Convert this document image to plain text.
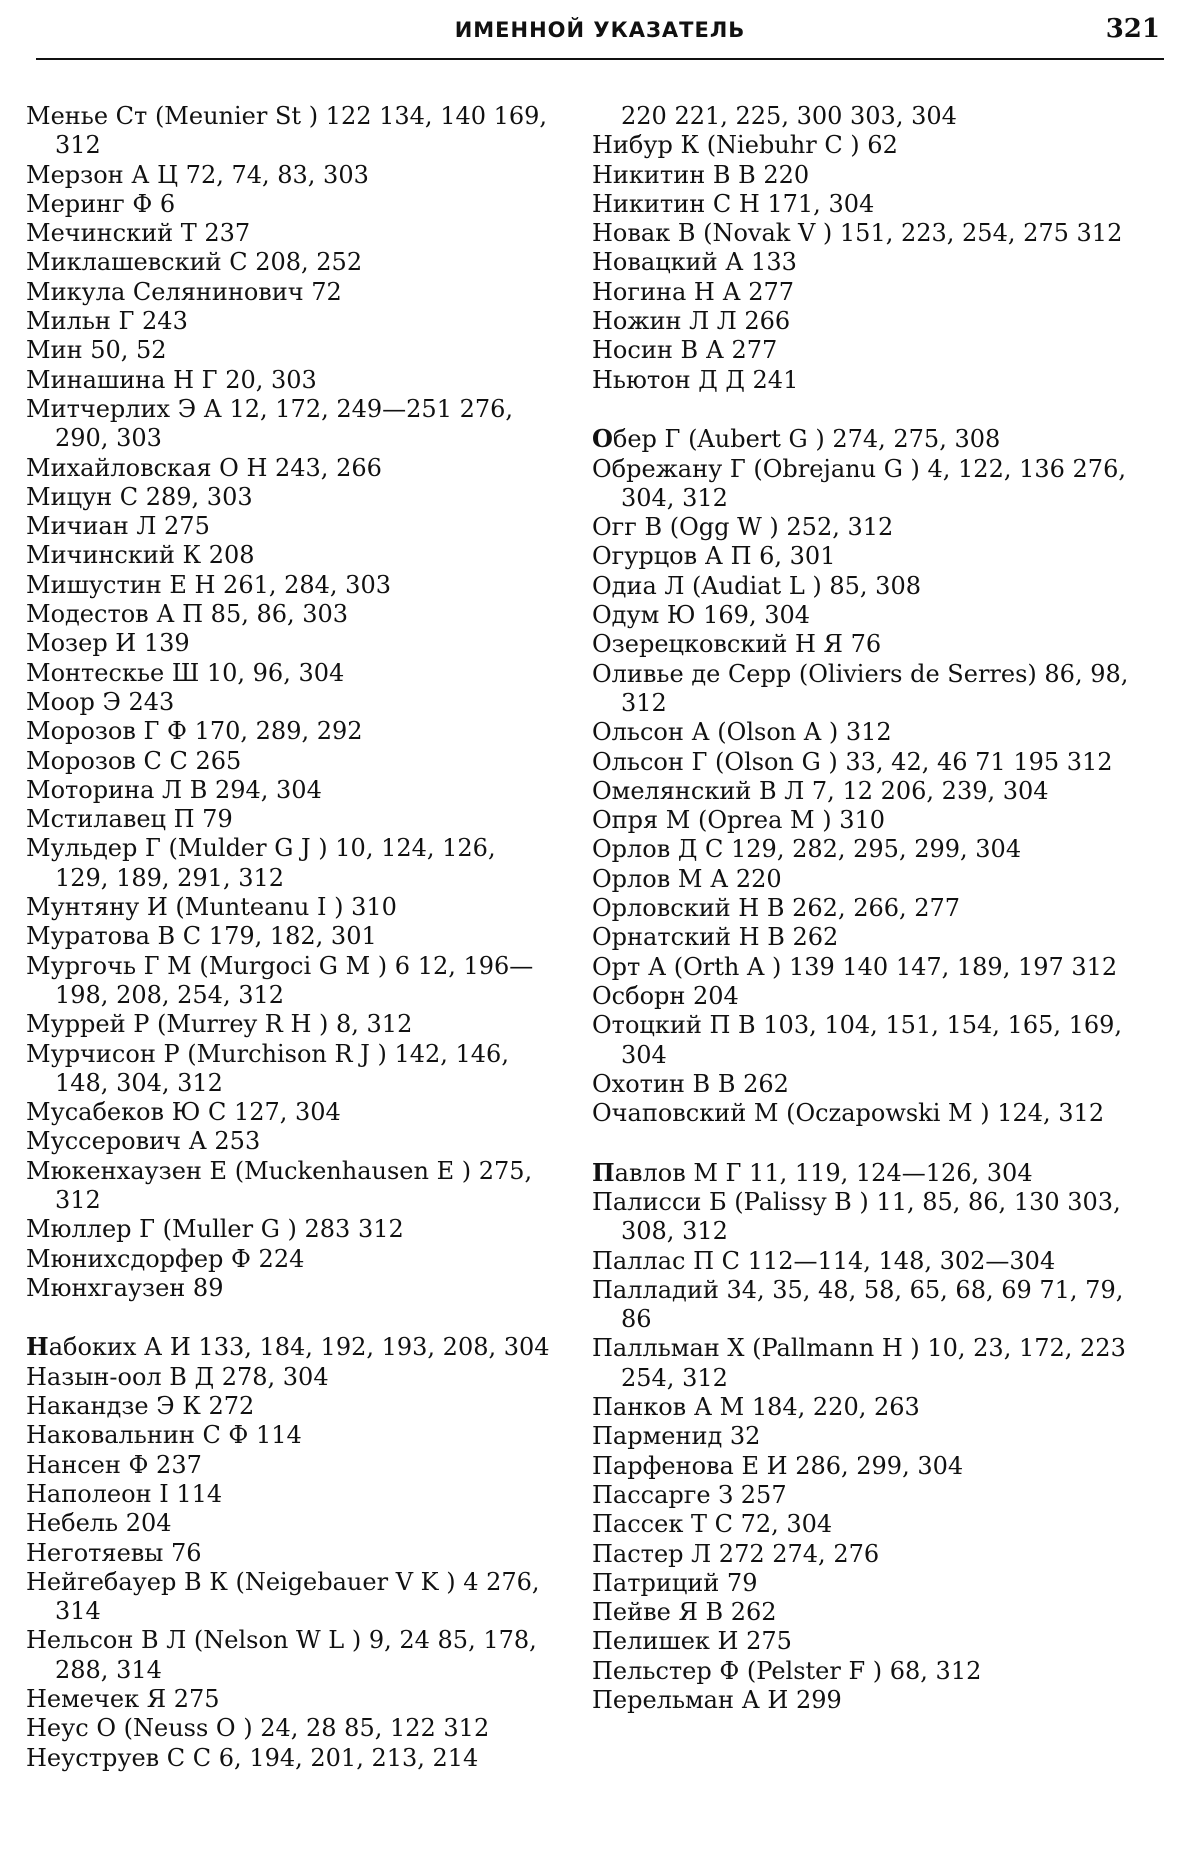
ИМЕННОЙ УКАЗАТЕЛЬ	321
Менье Ст (Meunier St ) 122 134, 140 169, 312
Мерзон А Ц 72, 74, 83, 303
Меринг Ф 6
Мечинский Т 237
Миклашевский С 208, 252
Микула Селянинович 72
Мильн Г 243
Мин 50, 52
Минашина Н Г 20, 303
Митчерлих Э А 12, 172, 249—251 276, 290, 303
Михайловская О Н 243, 266
Мицун С 289, 303
Мичиан Л 275
Мичинский К 208
Мишустин Е Н 261, 284, 303
Модестов А П 85, 86, 303
Мозер И 139
Монтескье Ш 10, 96, 304
Моор Э 243
Морозов Г Ф 170, 289, 292
Морозов С С 265
Моторина Л В 294, 304
Мстилавец П 79
Мульдер Г (Mulder G J ) 10, 124, 126, 129, 189, 291, 312
Мунтяну И (Munteanu I ) 310
Муратова В С 179, 182, 301
Мургочь Г М (Murgoci G M ) 6 12, 196—198, 208, 254, 312
Муррей Р (Murrey R H ) 8, 312
Мурчисон Р (Murchison R J ) 142, 146, 148, 304, 312
Мусабеков Ю С 127, 304
Муссерович А 253
Мюкенхаузен Е (Muckenhausen E ) 275, 312
Мюллер Г (Muller G ) 283 312
Мюнихсдорфер Ф 224
Мюнхгаузен 89
Набоких А И 133, 184, 192, 193, 208, 304
Назын-оол В Д 278, 304
Накандзе Э К 272
Наковальнин С Ф 114
Нансен Ф 237
Наполеон I 114
Небель 204
Неготяевы 76
Нейгебауер В К (Neigebauer V K ) 4 276, 314
Нельсон В Л (Nelson W L ) 9, 24 85, 178, 288, 314
Немечек Я 275
Неус О (Neuss O ) 24, 28 85, 122 312
Неуструев С С 6, 194, 201, 213, 214
220 221, 225, 300 303, 304
Нибур К (Niebuhr C ) 62
Никитин В В 220
Никитин С Н 171, 304
Новак В (Novak V ) 151, 223, 254, 275 312
Новацкий А 133
Ногина Н А 277
Ножин Л Л 266
Носин В А 277
Ньютон Д Д 241
Обер Г (Aubert G ) 274, 275, 308
Обрежану Г (Obrejanu G ) 4, 122, 136 276, 304, 312
Огг В (Ogg W ) 252, 312
Огурцов А П 6, 301
Одиа Л (Audiat L ) 85, 308
Одум Ю 169, 304
Озерецковский Н Я 76
Оливье де Серр (Oliviers de Serres) 86, 98, 312
Ольсон А (Olson A ) 312
Ольсон Г (Olson G ) 33, 42, 46 71 195 312
Омелянский В Л 7, 12 206, 239, 304
Опря М (Oprea M ) 310
Орлов Д С 129, 282, 295, 299, 304
Орлов М А 220
Орловский Н В 262, 266, 277
Орнатский Н В 262
Орт А (Orth A ) 139 140 147, 189, 197 312
Осборн 204
Отоцкий П В 103, 104, 151, 154, 165, 169, 304
Охотин В В 262
Очаповский М (Oczapowski M ) 124, 312
Павлов М Г 11, 119, 124—126, 304
Палисси Б (Palissy B ) 11, 85, 86, 130 303, 308, 312
Паллас П С 112—114, 148, 302—304
Палладий 34, 35, 48, 58, 65, 68, 69 71, 79, 86
Палльман Х (Pallmann H ) 10, 23, 172, 223 254, 312
Панков А М 184, 220, 263
Парменид 32
Парфенова Е И 286, 299, 304
Пассарге З 257
Пассек Т С 72, 304
Пастер Л 272 274, 276
Патриций 79
Пейве Я В 262
Пелишек И 275
Пельстер Ф (Pelster F ) 68, 312
Перельман А И 299
